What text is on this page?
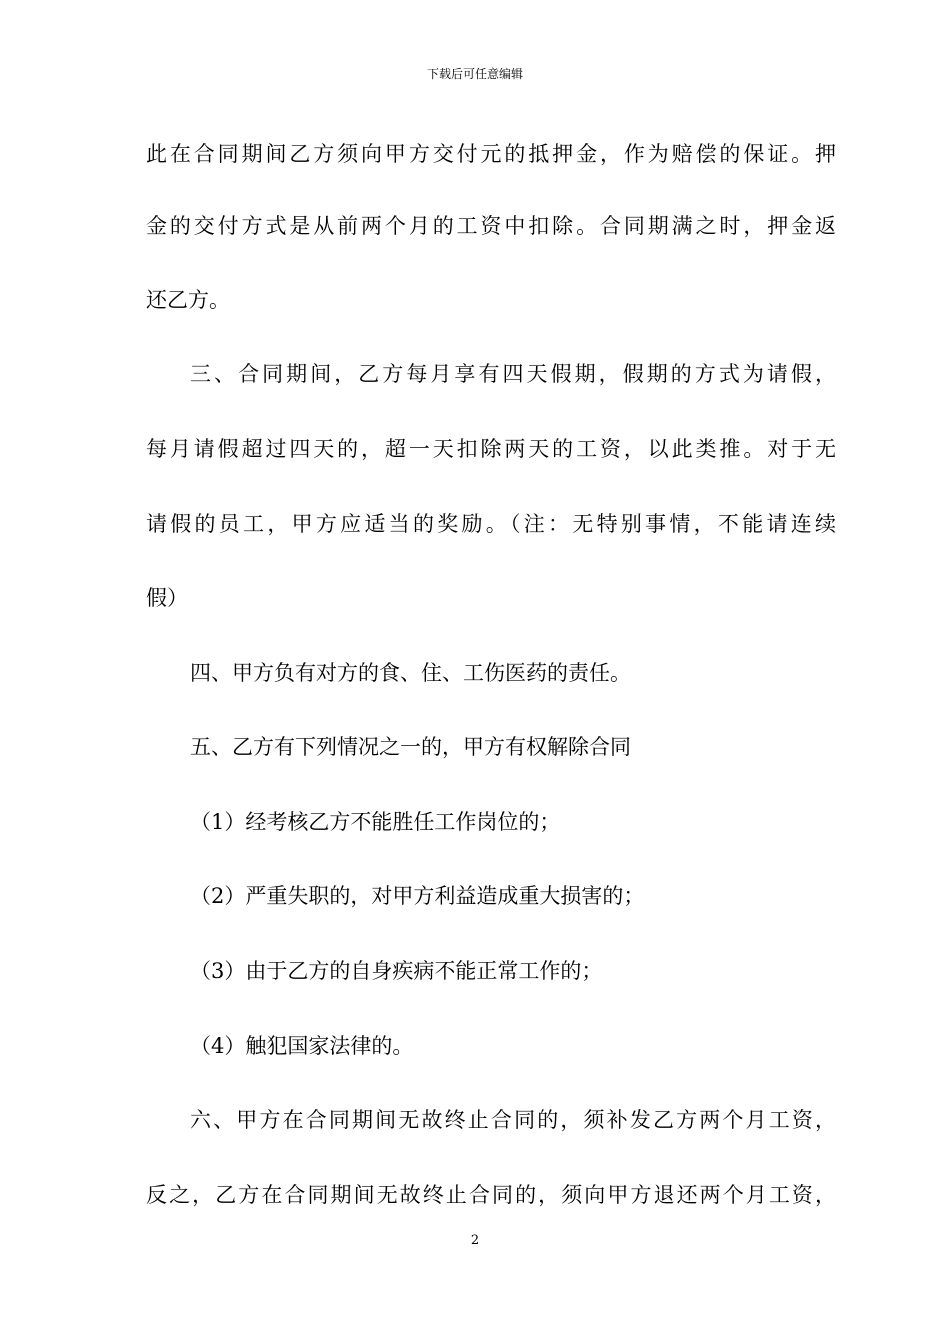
下载后可任意编辑
此在合同期间乙方须向甲方交付元的抵押金，作为赔偿的保证。押
金的交付方式是从前两个月的工资中扣除。合同期满之时，押金返
还乙方。
三、合同期间，乙方每月享有四天假期，假期的方式为请假，
每月请假超过四天的，超一天扣除两天的工资，以此类推。对于无
请假的员工，甲方应适当的奖励。（注：无特别事情，不能请连续
假）
四、甲方负有对方的食、住、工伤医药的责任。
五、乙方有下列情况之一的，甲方有权解除合同
（1）经考核乙方不能胜任工作岗位的；
（2）严重失职的，对甲方利益造成重大损害的；
（3）由于乙方的自身疾病不能正常工作的；
（4）触犯国家法律的。
六、甲方在合同期间无故终止合同的，须补发乙方两个月工资，
反之，乙方在合同期间无故终止合同的，须向甲方退还两个月工资，
2
